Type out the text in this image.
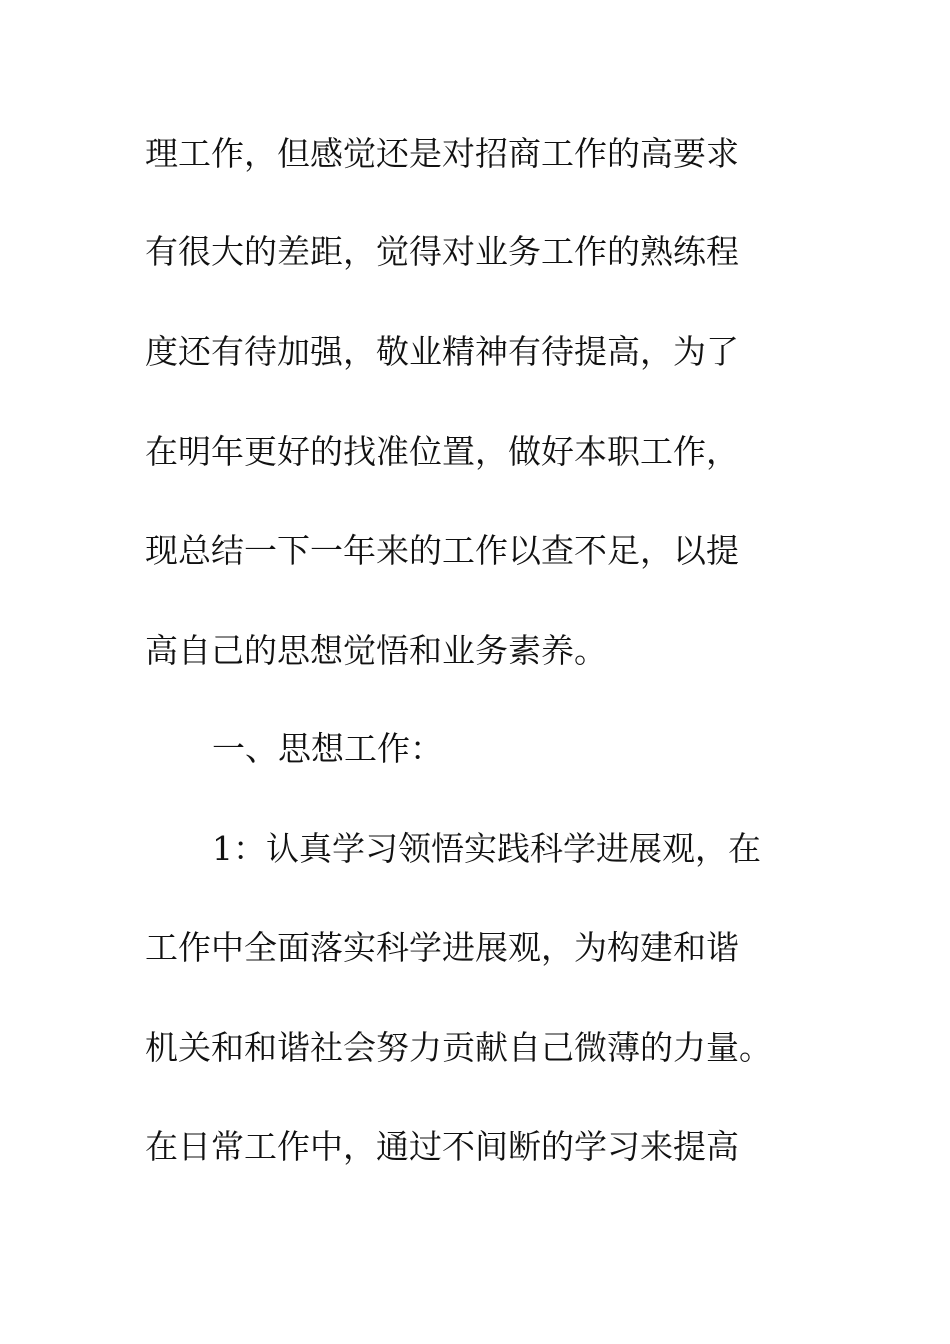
理工作，但感觉还是对招商工作的高要求
有很大的差距，觉得对业务工作的熟练程
度还有待加强，敬业精神有待提高，为了
在明年更好的找准位置，做好本职工作，
现总结一下一年来的工作以查不足，以提
高自己的思想觉悟和业务素养。
一、思想工作：
1：认真学习领悟实践科学进展观，在
工作中全面落实科学进展观，为构建和谐
机关和和谐社会努力贡献自己微薄的力量。
在日常工作中，通过不间断的学习来提高
